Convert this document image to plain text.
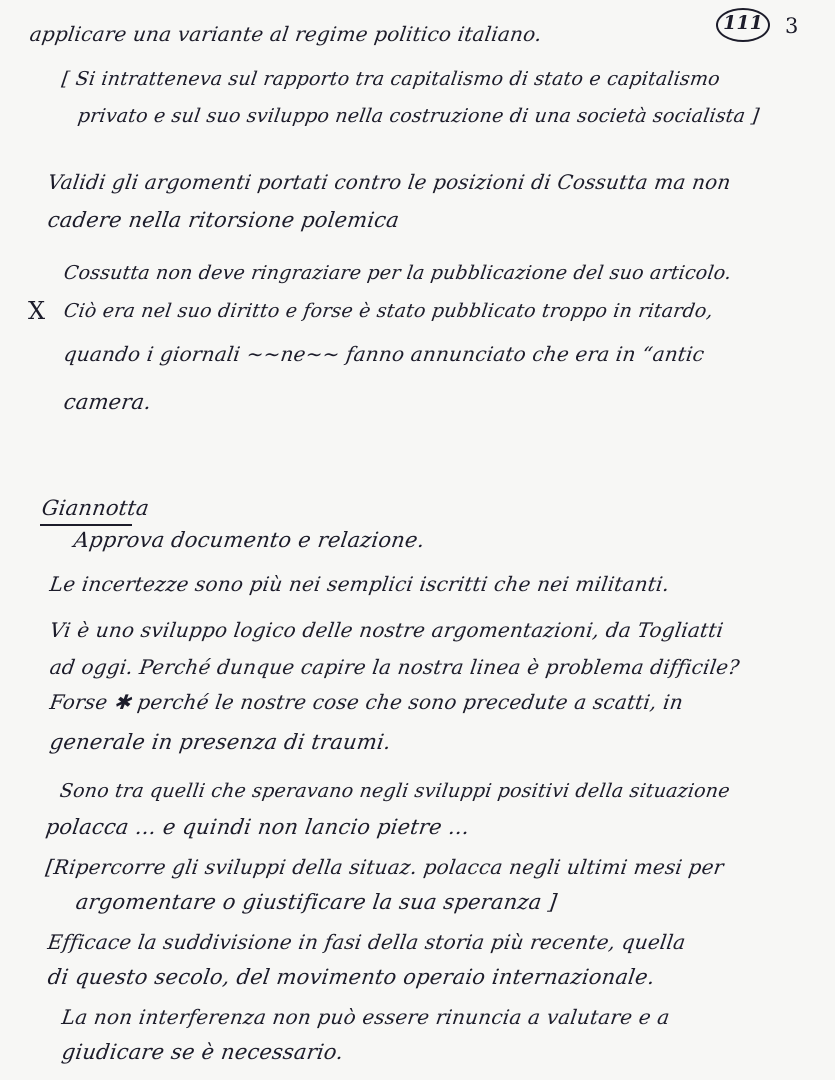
111	3
applicare una variante al regime politico italiano.
[ Si intratteneva sul rapporto tra capitalismo di stato e capitalismo
privato e sul suo sviluppo nella costruzione di una società socialista ]
Validi gli argomenti portati contro le posizioni di Cossutta ma non
cadere nella ritorsione polemica
Cossutta non deve ringraziare per la pubblicazione del suo articolo.
X Ciò era nel suo diritto e forse è stato pubblicato troppo in ritardo,
quando i giornali ~~ne~~ fanno annunciato che era in “antic
camera.
Giannotta
Approva documento e relazione.
Le incertezze sono più nei semplici iscritti che nei militanti.
Vi è uno sviluppo logico delle nostre argomentazioni, da Togliatti
ad oggi. Perché dunque capire la nostra linea è problema difficile?
Forse ✱ perché le nostre cose che sono precedute a scatti, in
generale in presenza di traumi.
Sono tra quelli che speravano negli sviluppi positivi della situazione
polacca ... e quindi non lancio pietre ...
[Ripercorre gli sviluppi della situaz. polacca negli ultimi mesi per
argomentare o giustificare la sua speranza ]
Efficace la suddivisione in fasi della storia più recente, quella
di questo secolo, del movimento operaio internazionale.
La non interferenza non può essere rinuncia a valutare e a
giudicare se è necessario.
